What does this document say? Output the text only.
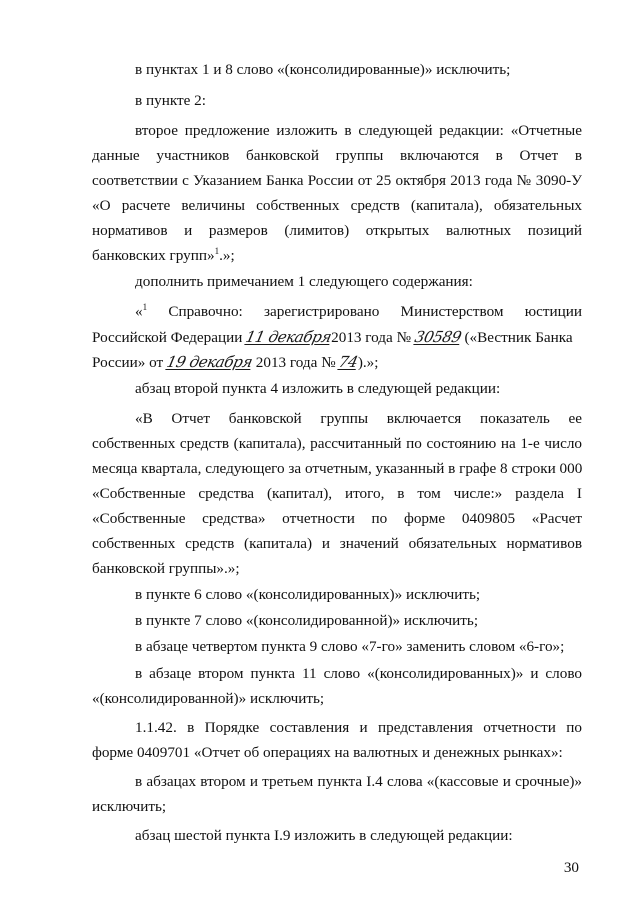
в пунктах 1 и 8 слово «(консолидированные)» исключить;
в пункте 2:
второе предложение изложить в следующей редакции: «Отчетные
данные участников банковской группы включаются в Отчет в
соответствии с Указанием Банка России от 25 октября 2013 года № 3090-У
«О расчете величины собственных средств (капитала), обязательных
нормативов и размеров (лимитов) открытых валютных позиций
банковских групп»$^1$.»;
дополнить примечанием 1 следующего содержания:
«$^1$ Справочно: зарегистрировано Министерством юстиции
Российской Федерации 11 декабря2013 года № 30589 («Вестник Банка
России» от 19 декабря 2013 года № 74).»;
абзац второй пункта 4 изложить в следующей редакции:
«В Отчет банковской группы включается показатель ее
собственных средств (капитала), рассчитанный по состоянию на 1-е число
месяца квартала, следующего за отчетным, указанный в графе 8 строки 000
«Собственные средства (капитал), итого, в том числе:» раздела I
«Собственные средства» отчетности по форме 0409805 «Расчет
собственных средств (капитала) и значений обязательных нормативов
банковской группы».»;
в пункте 6 слово «(консолидированных)» исключить;
в пункте 7 слово «(консолидированной)» исключить;
в абзаце четвертом пункта 9 слово «7-го» заменить словом «6-го»;
в абзаце втором пункта 11 слово «(консолидированных)» и слово
«(консолидированной)» исключить;
1.1.42. в Порядке составления и представления отчетности по
форме 0409701 «Отчет об операциях на валютных и денежных рынках»:
в абзацах втором и третьем пункта I.4 слова «(кассовые и срочные)»
исключить;
абзац шестой пункта I.9 изложить в следующей редакции:
30
